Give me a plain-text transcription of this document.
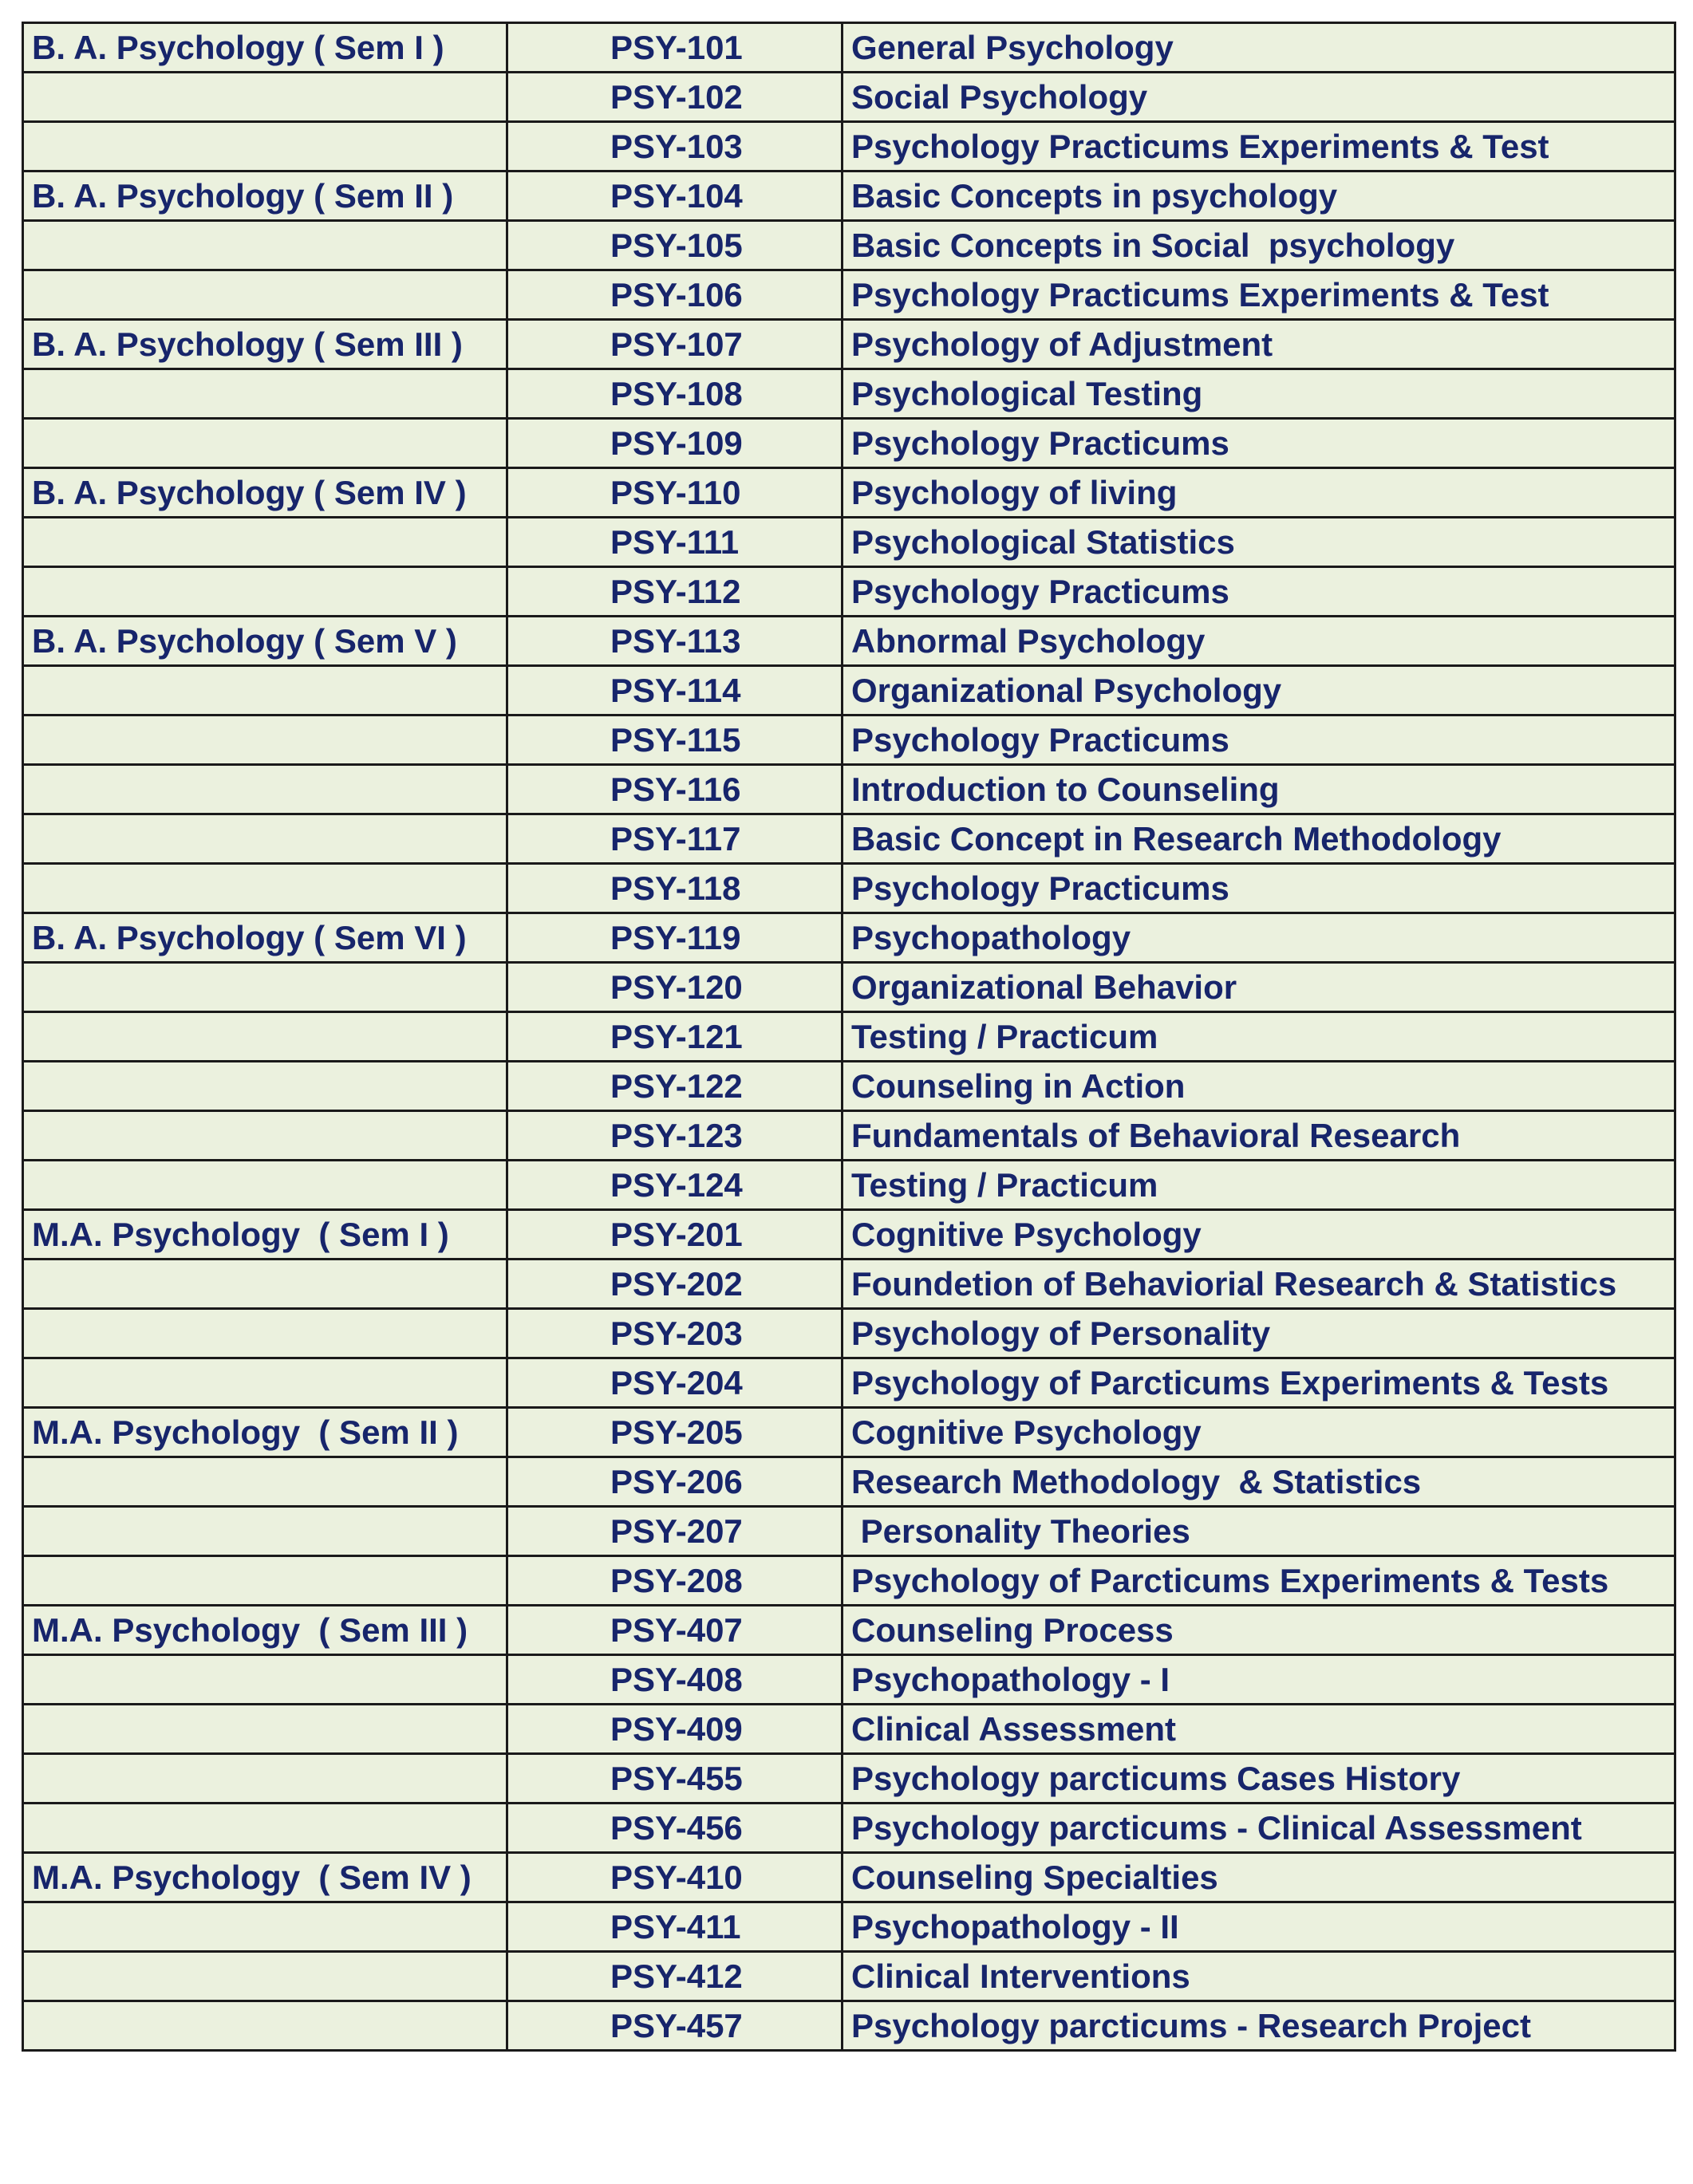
B. A. Psychology ( Sem I )	PSY-101	General Psychology
	PSY-102	Social Psychology
	PSY-103	Psychology Practicums Experiments & Test
B. A. Psychology ( Sem II )	PSY-104	Basic Concepts in psychology
	PSY-105	Basic Concepts in Social  psychology
	PSY-106	Psychology Practicums Experiments & Test
B. A. Psychology ( Sem III )	PSY-107	Psychology of Adjustment
	PSY-108	Psychological Testing
	PSY-109	Psychology Practicums
B. A. Psychology ( Sem IV )	PSY-110	Psychology of living
	PSY-111	Psychological Statistics
	PSY-112	Psychology Practicums
B. A. Psychology ( Sem V )	PSY-113	Abnormal Psychology
	PSY-114	Organizational Psychology
	PSY-115	Psychology Practicums
	PSY-116	Introduction to Counseling
	PSY-117	Basic Concept in Research Methodology
	PSY-118	Psychology Practicums
B. A. Psychology ( Sem VI )	PSY-119	Psychopathology
	PSY-120	Organizational Behavior
	PSY-121	Testing / Practicum
	PSY-122	Counseling in Action
	PSY-123	Fundamentals of Behavioral Research
	PSY-124	Testing / Practicum
M.A. Psychology  ( Sem I )	PSY-201	Cognitive Psychology
	PSY-202	Foundetion of Behaviorial Research & Statistics
	PSY-203	Psychology of Personality
	PSY-204	Psychology of Parcticums Experiments & Tests
M.A. Psychology  ( Sem II )	PSY-205	Cognitive Psychology
	PSY-206	Research Methodology  & Statistics
	PSY-207	Personality Theories
	PSY-208	Psychology of Parcticums Experiments & Tests
M.A. Psychology  ( Sem III )	PSY-407	Counseling Process
	PSY-408	Psychopathology - I
	PSY-409	Clinical Assessment
	PSY-455	Psychology parcticums Cases History
	PSY-456	Psychology parcticums - Clinical Assessment
M.A. Psychology  ( Sem IV )	PSY-410	Counseling Specialties
	PSY-411	Psychopathology - II
	PSY-412	Clinical Interventions
	PSY-457	Psychology parcticums - Research Project
